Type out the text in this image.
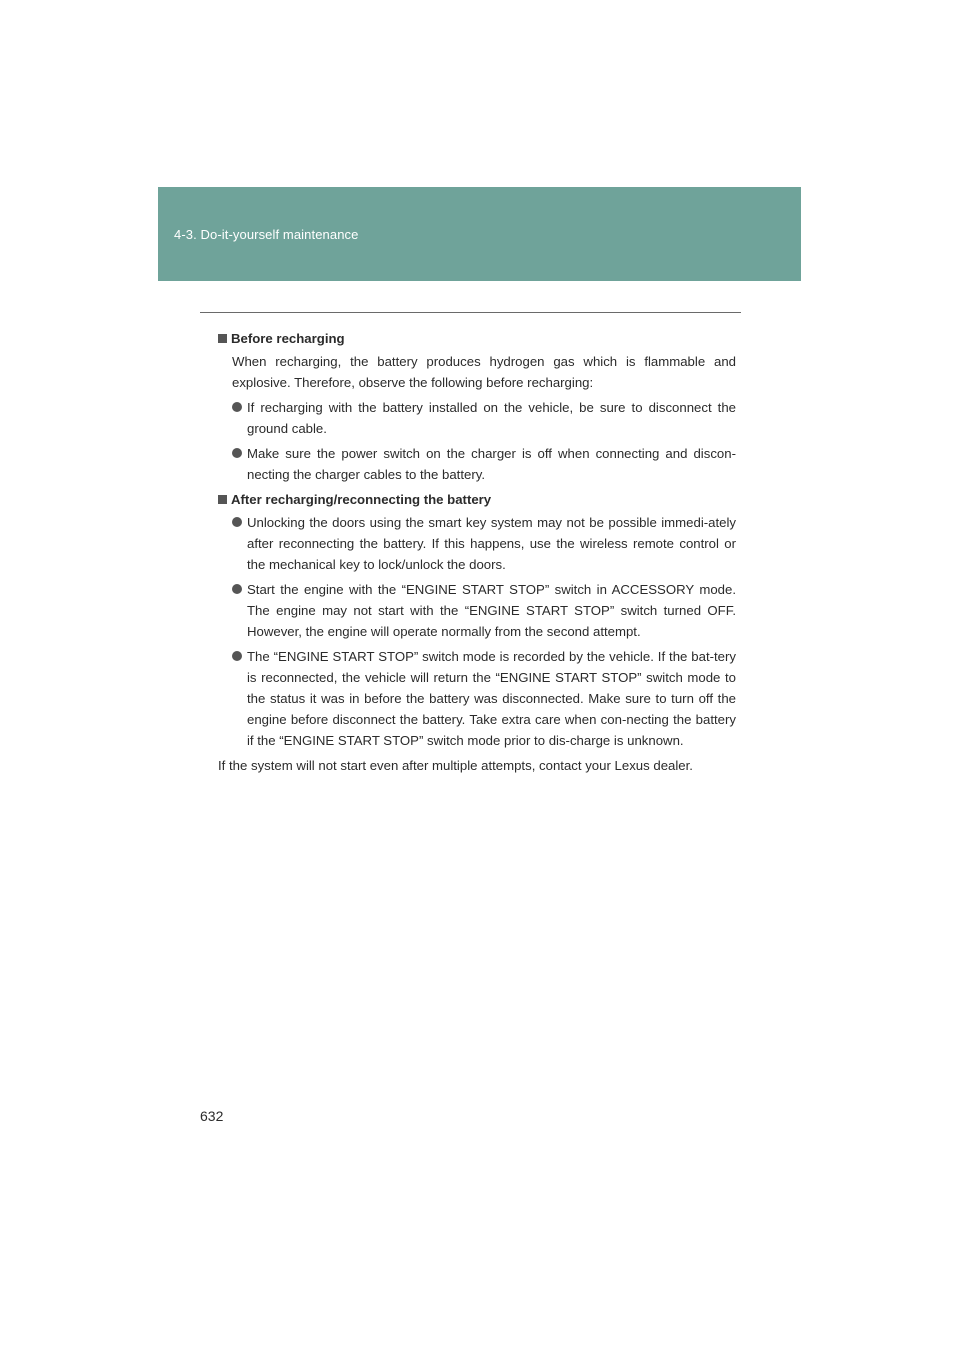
4-3. Do-it-yourself maintenance
Before recharging

When recharging, the battery produces hydrogen gas which is flammable and explosive. Therefore, observe the following before recharging:

If recharging with the battery installed on the vehicle, be sure to disconnect the ground cable.
Make sure the power switch on the charger is off when connecting and discon-necting the charger cables to the battery.
After recharging/reconnecting the battery
Unlocking the doors using the smart key system may not be possible immedi-ately after reconnecting the battery. If this happens, use the wireless remote control or the mechanical key to lock/unlock the doors.
Start the engine with the “ENGINE START STOP” switch in ACCESSORY mode. The engine may not start with the “ENGINE START STOP” switch turned OFF. However, the engine will operate normally from the second attempt.
The “ENGINE START STOP” switch mode is recorded by the vehicle. If the bat-tery is reconnected, the vehicle will return the “ENGINE START STOP” switch mode to the status it was in before the battery was disconnected. Make sure to turn off the engine before disconnect the battery. Take extra care when con-necting the battery if the “ENGINE START STOP” switch mode prior to dis-charge is unknown.

If the system will not start even after multiple attempts, contact your Lexus dealer.

632
